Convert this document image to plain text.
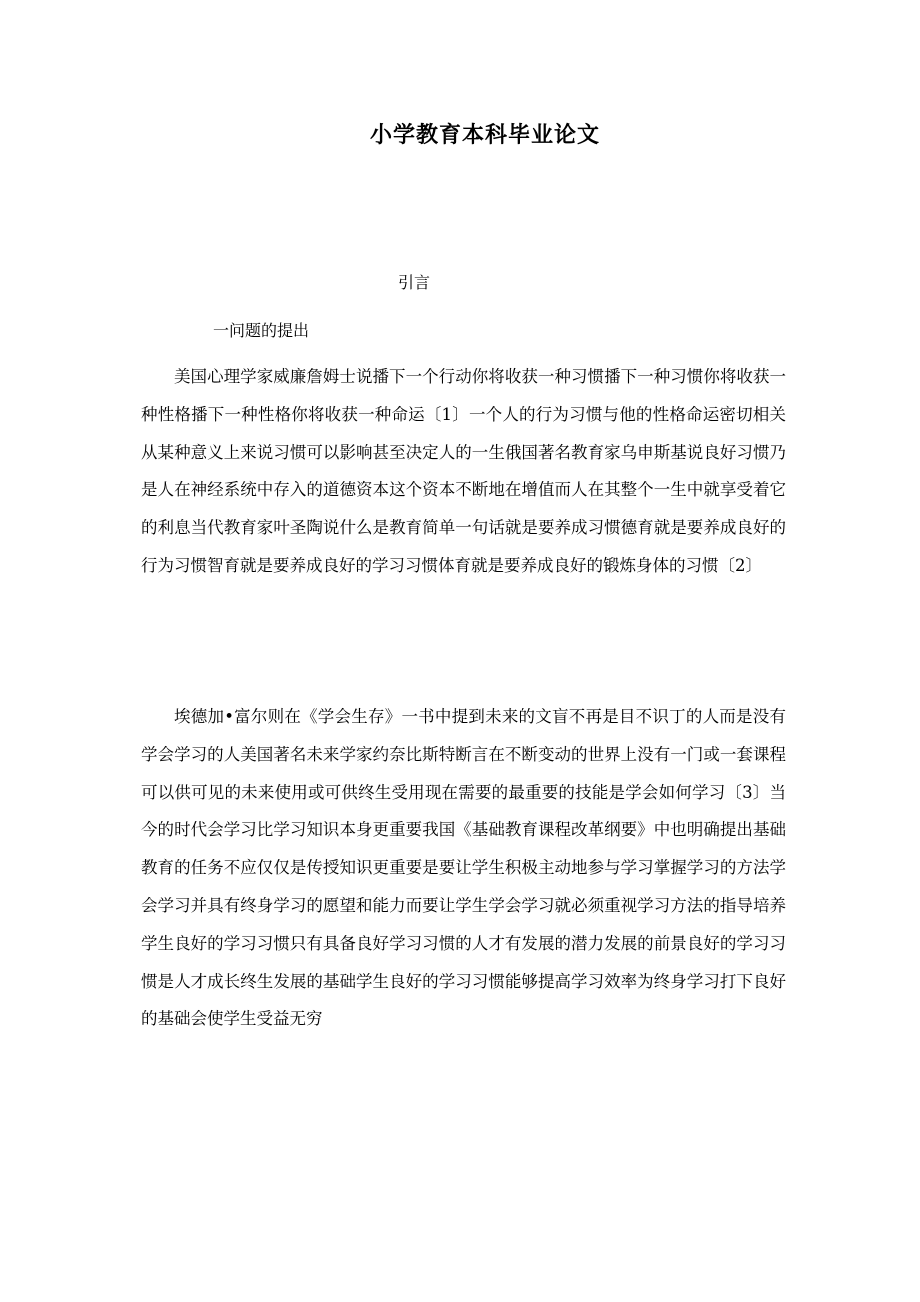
小学教育本科毕业论文
引言
一问题的提出

美国心理学家威廉詹姆士说播下一个行动你将收获一种习惯播下一种习惯你将收获一种性格播下一种性格你将收获一种命运〔1〕一个人的行为习惯与他的性格命运密切相关从某种意义上来说习惯可以影响甚至决定人的一生俄国著名教育家乌申斯基说良好习惯乃是人在神经系统中存入的道德资本这个资本不断地在增值而人在其整个一生中就享受着它的利息当代教育家叶圣陶说什么是教育简单一句话就是要养成习惯德育就是要养成良好的行为习惯智育就是要养成良好的学习习惯体育就是要养成良好的锻炼身体的习惯〔2〕

埃德加•富尔则在《学会生存》一书中提到未来的文盲不再是目不识丁的人而是没有学会学习的人美国著名未来学家约奈比斯特断言在不断变动的世界上没有一门或一套课程可以供可见的未来使用或可供终生受用现在需要的最重要的技能是学会如何学习〔3〕当今的时代会学习比学习知识本身更重要我国《基础教育课程改革纲要》中也明确提出基础教育的任务不应仅仅是传授知识更重要是要让学生积极主动地参与学习掌握学习的方法学会学习并具有终身学习的愿望和能力而要让学生学会学习就必须重视学习方法的指导培养学生良好的学习习惯只有具备良好学习习惯的人才有发展的潜力发展的前景良好的学习习惯是人才成长终生发展的基础学生良好的学习习惯能够提高学习效率为终身学习打下良好的基础会使学生受益无穷
